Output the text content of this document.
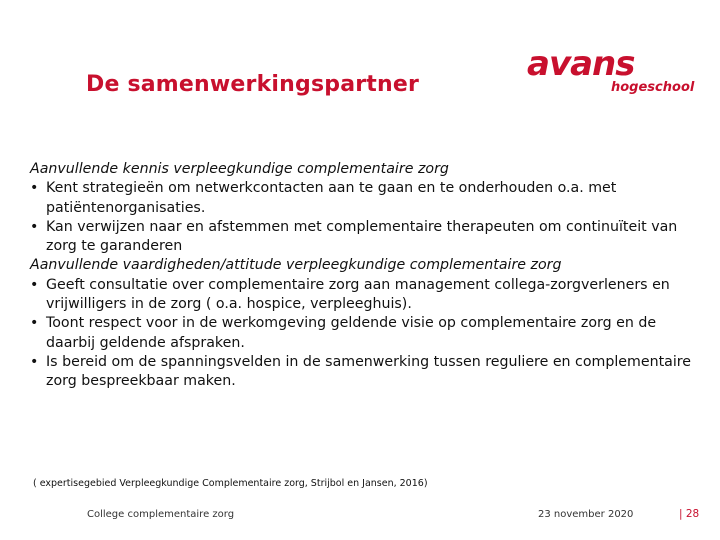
De samenwerkingspartner
avans
hogeschool

Aanvullende kennis verpleegkundige complementaire zorg

• Kent strategieën om netwerkcontacten aan te gaan en te onderhouden o.a. met patiëntenorganisaties.

• Kan verwijzen naar en afstemmen met complementaire therapeuten om continuïteit van zorg te garanderen

Aanvullende vaardigheden/attitude verpleegkundige complementaire zorg

• Geeft consultatie over complementaire zorg aan management collega-zorgverleners en vrijwilligers in de zorg ( o.a. hospice, verpleeghuis).

• Toont respect voor in de werkomgeving geldende visie op complementaire zorg en de daarbij geldende afspraken.

• Is bereid om de spanningsvelden in de samenwerking tussen reguliere en complementaire zorg bespreekbaar maken.

( expertisegebied Verpleegkundige Complementaire zorg, Strijbol en Jansen, 2016)
College complementaire zorg	23 november 2020	| 28
